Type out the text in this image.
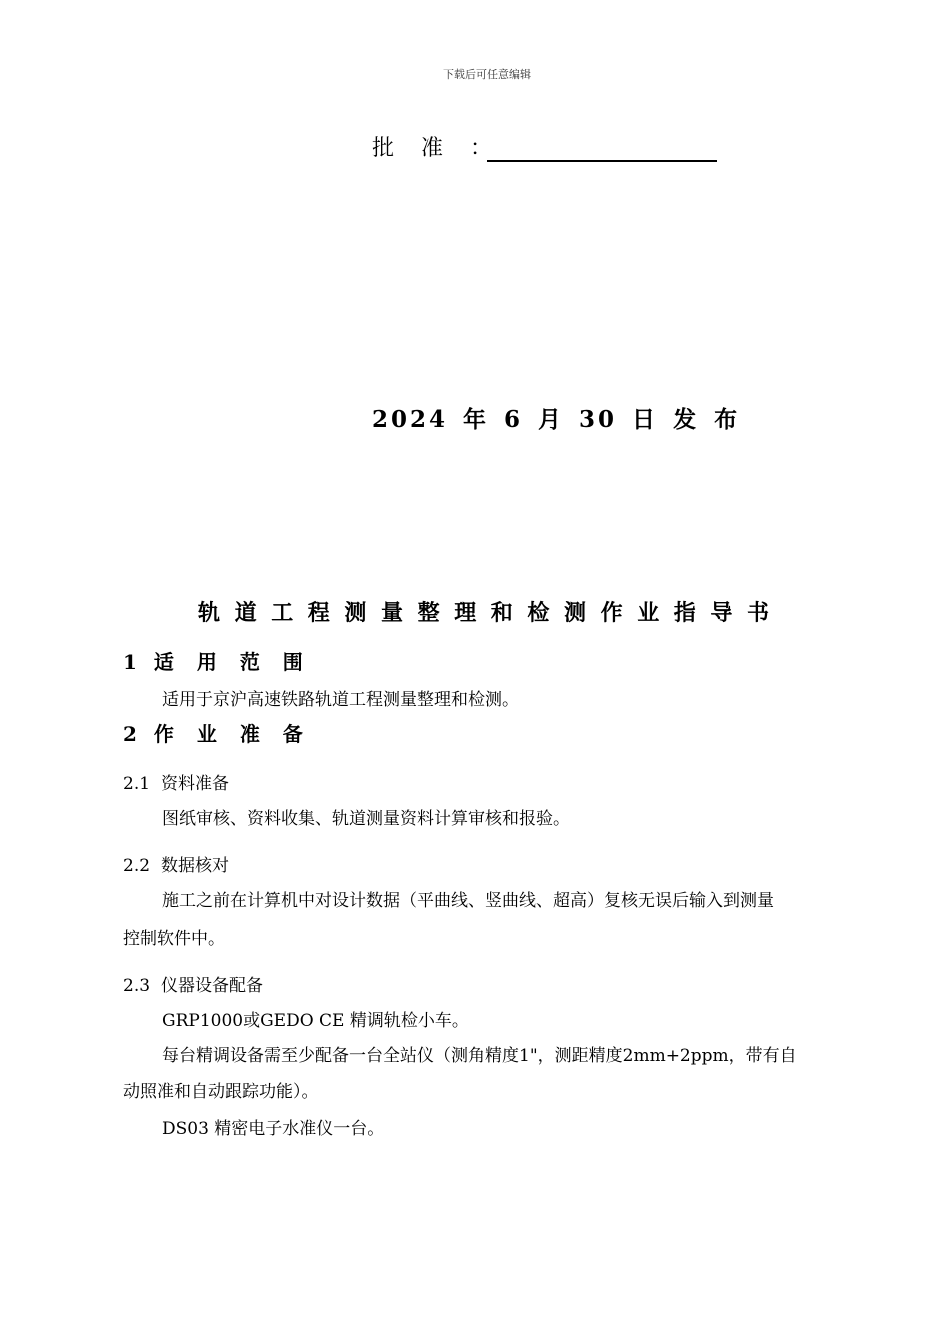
下载后可任意编辑
批 准 ：
2024 年 6 月 30 日 发 布
轨道工程测量整理和检测作业指导书
1 适 用 范 围
适用于京沪高速铁路轨道工程测量整理和检测。
2 作 业 准 备
2.1 资料准备
图纸审核、资料收集、轨道测量资料计算审核和报验。
2.2 数据核对
施工之前在计算机中对设计数据（平曲线、竖曲线、超高）复核无误后输入到测量
控制软件中。
2.3 仪器设备配备
GRP1000或GEDO CE 精调轨检小车。
每台精调设备需至少配备一台全站仪（测角精度1"，测距精度2mm+2ppm，带有自
动照准和自动跟踪功能）。
DS03 精密电子水准仪一台。
